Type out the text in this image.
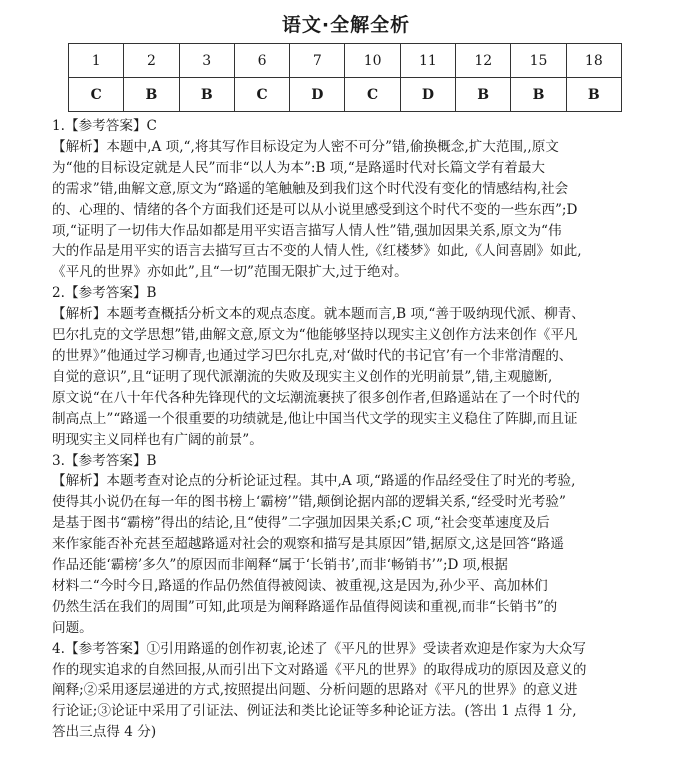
语文·全解全析
1	2	3	6	7	10	11	12	15	18
C	B	B	C	D	C	D	B	B	B

1.【参考答案】C

【解析】本题中,A 项,“,将其写作目标设定为人密不可分”错,偷换概念,扩大范围,,原文

为“他的目标设定就是人民”而非“以人为本”:B 项,“是路遥时代对长篇文学有着最大

的需求”错,曲解文意,原文为“路遥的笔触触及到我们这个时代没有变化的情感结构,社会

的、心理的、情绪的各个方面我们还是可以从小说里感受到这个时代不变的一些东西”;D

项,“证明了一切伟大作品如都是用平实语言描写人情人性”错,强加因果关系,原文为“伟

大的作品是用平实的语言去描写亘古不变的人情人性,《红楼梦》如此,《人间喜剧》如此,

《平凡的世界》亦如此”,且“一切”范围无限扩大,过于绝对。

2.【参考答案】B

【解析】本题考查概括分析文本的观点态度。就本题而言,B 项,“善于吸纳现代派、柳青、

巴尔扎克的文学思想”错,曲解文意,原文为“他能够坚持以现实主义创作方法来创作《平凡

的世界》”他通过学习柳青,也通过学习巴尔扎克,对‘做时代的书记官’有一个非常清醒的、

自觉的意识”,且“证明了现代派潮流的失败及现实主义创作的光明前景”,错,主观臆断,

原文说“在八十年代各种先锋现代的文坛潮流裹挟了很多创作者,但路遥站在了一个时代的

制高点上”“路遥一个很重要的功绩就是,他让中国当代文学的现实主义稳住了阵脚,而且证

明现实主义同样也有广阔的前景”。

3.【参考答案】B

【解析】本题考查对论点的分析论证过程。其中,A 项,“路遥的作品经受住了时光的考验,

使得其小说仍在每一年的图书榜上‘霸榜’”错,颠倒论据内部的逻辑关系,“经受时光考验”

是基于图书“霸榜”得出的结论,且“使得”二字强加因果关系;C 项,“社会变革速度及后

来作家能否补充甚至超越路遥对社会的观察和描写是其原因”错,据原文,这是回答“路遥

作品还能‘霸榜’多久”的原因而非阐释“属于‘长销书’,而非‘畅销书’”;D 项,根据

材料二“今时今日,路遥的作品仍然值得被阅读、被重视,这是因为,孙少平、高加林们

仍然生活在我们的周围”可知,此项是为阐释路遥作品值得阅读和重视,而非“长销书”的

问题。

4.【参考答案】①引用路遥的创作初衷,论述了《平凡的世界》受读者欢迎是作家为大众写

作的现实追求的自然回报,从而引出下文对路遥《平凡的世界》的取得成功的原因及意义的

阐释;②采用逐层递进的方式,按照提出问题、分析问题的思路对《平凡的世界》的意义进

行论证;③论证中采用了引证法、例证法和类比论证等多种论证方法。(答出 1 点得 1 分,

答出三点得 4 分)
